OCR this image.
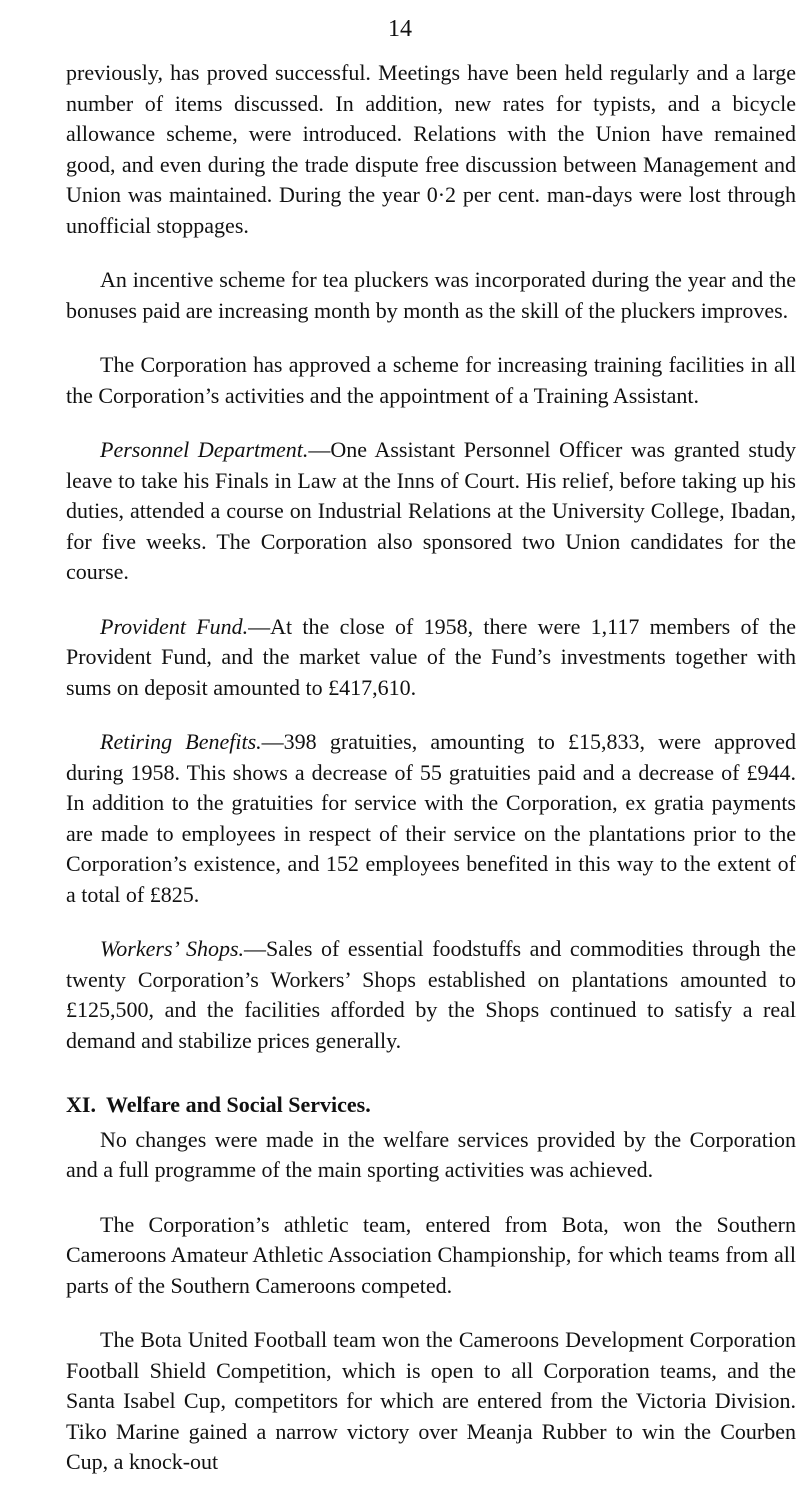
14

previously, has proved successful. Meetings have been held regularly and a large number of items discussed. In addition, new rates for typists, and a bicycle allowance scheme, were introduced. Relations with the Union have remained good, and even during the trade dispute free discussion between Management and Union was maintained. During the year 0·2 per cent. man-days were lost through unofficial stoppages.

An incentive scheme for tea pluckers was incorporated during the year and the bonuses paid are increasing month by month as the skill of the pluckers improves.

The Corporation has approved a scheme for increasing training facilities in all the Corporation’s activities and the appointment of a Training Assistant.

Personnel Department.—One Assistant Personnel Officer was granted study leave to take his Finals in Law at the Inns of Court. His relief, before taking up his duties, attended a course on Industrial Relations at the University College, Ibadan, for five weeks. The Corporation also sponsored two Union candidates for the course.

Provident Fund.—At the close of 1958, there were 1,117 members of the Provident Fund, and the market value of the Fund’s investments together with sums on deposit amounted to £417,610.

Retiring Benefits.—398 gratuities, amounting to £15,833, were approved during 1958. This shows a decrease of 55 gratuities paid and a decrease of £944. In addition to the gratuities for service with the Corporation, ex gratia payments are made to employees in respect of their service on the plantations prior to the Corporation’s existence, and 152 employees benefited in this way to the extent of a total of £825.

Workers’ Shops.—Sales of essential foodstuffs and commodities through the twenty Corporation’s Workers’ Shops established on plantations amounted to £125,500, and the facilities afforded by the Shops continued to satisfy a real demand and stabilize prices generally.

XI. Welfare and Social Services.

No changes were made in the welfare services provided by the Corporation and a full programme of the main sporting activities was achieved.

The Corporation’s athletic team, entered from Bota, won the Southern Cameroons Amateur Athletic Association Championship, for which teams from all parts of the Southern Cameroons competed.

The Bota United Football team won the Cameroons Development Corporation Football Shield Competition, which is open to all Corporation teams, and the Santa Isabel Cup, competitors for which are entered from the Victoria Division. Tiko Marine gained a narrow victory over Meanja Rubber to win the Courben Cup, a knock-out
